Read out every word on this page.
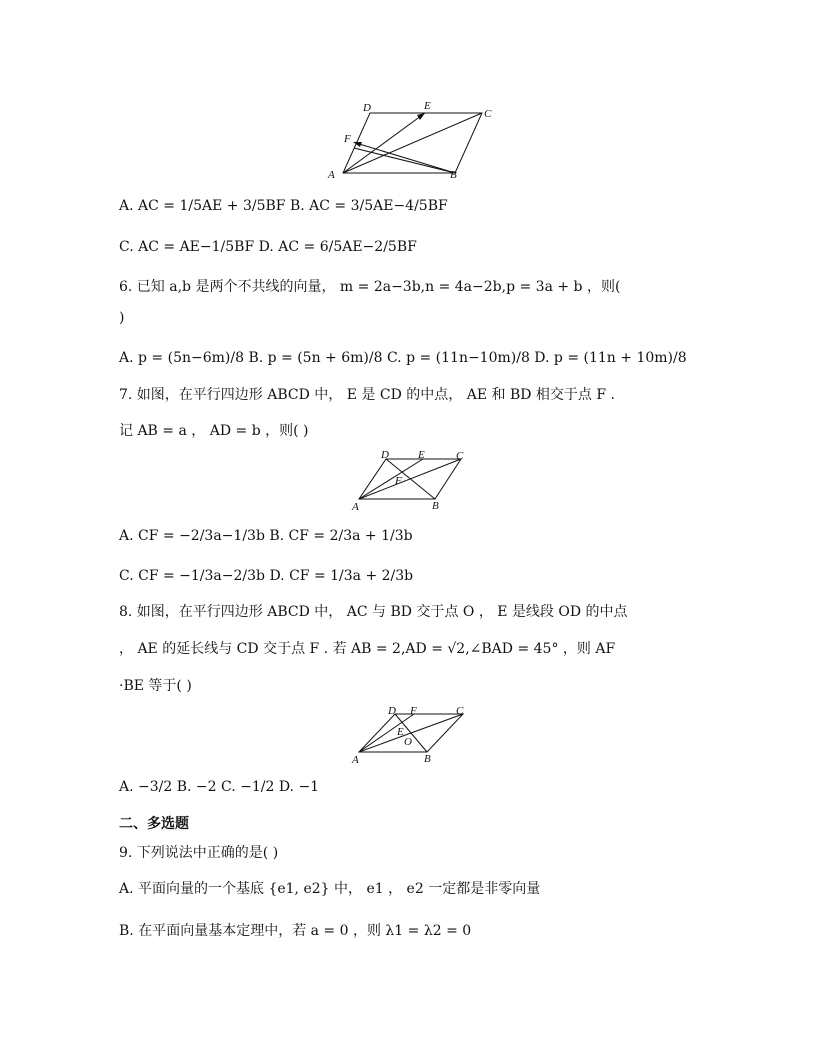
D	E
C
F
A	B
A. AC = 1/5AE + 3/5BF B. AC = 3/5AE−4/5BF
C. AC = AE−1/5BF D. AC = 6/5AE−2/5BF
6. 已知 a,b 是两个不共线的向量， m = 2a−3b,n = 4a−2b,p = 3a + b ，则(
)
A. p = (5n−6m)/8 B. p = (5n + 6m)/8 C. p = (11n−10m)/8 D. p = (11n + 10m)/8
7. 如图，在平行四边形 ABCD 中， E 是 CD 的中点， AE 和 BD 相交于点 F .
记 AB = a ， AD = b ，则( )
D	E	C
F
A	B
A. CF = −2/3a−1/3b B. CF = 2/3a + 1/3b
C. CF = −1/3a−2/3b D. CF = 1/3a + 2/3b
8. 如图，在平行四边形 ABCD 中， AC 与 BD 交于点 O ， E 是线段 OD 的中点
， AE 的延长线与 CD 交于点 F . 若 AB = 2,AD = √2,∠BAD = 45° ，则 AF
·BE 等于( )
D F	C
E
O
A	B
A. −3/2 B. −2 C. −1/2 D. −1
二、多选题
9. 下列说法中正确的是( )
A. 平面向量的一个基底 {e1, e2} 中， e1 ， e2 一定都是非零向量
B. 在平面向量基本定理中，若 a = 0 ，则 λ1 = λ2 = 0
